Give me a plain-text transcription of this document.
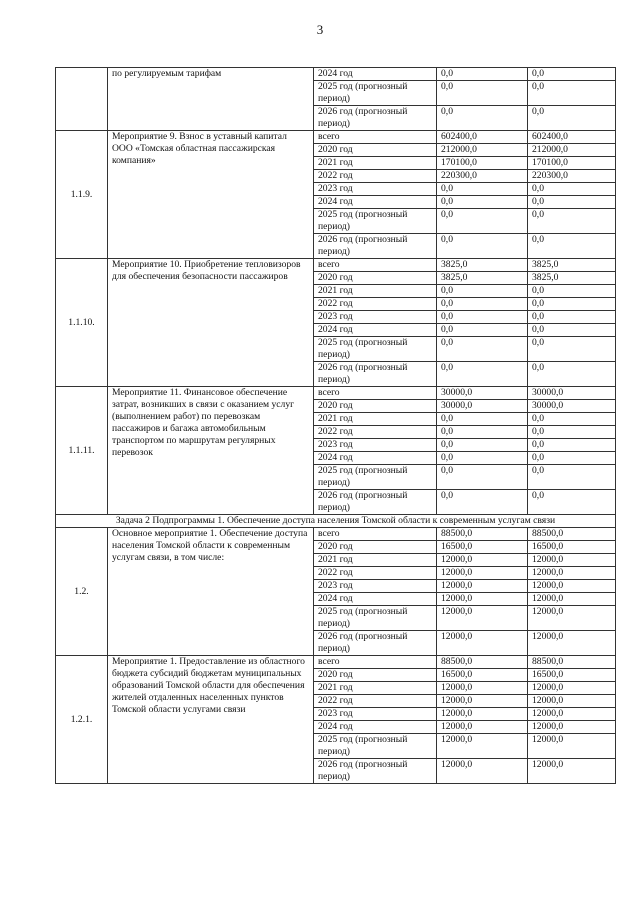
3
	по регулируемым тарифам	2024 год	0,0	0,0
		2025 год (прогнозный период)	0,0	0,0
		2026 год (прогнозный период)	0,0	0,0
1.1.9.	Мероприятие 9. Взнос в уставный капитал ООО «Томская областная пассажирская компания»	всего	602400,0	602400,0
		2020 год	212000,0	212000,0
		2021 год	170100,0	170100,0
		2022 год	220300,0	220300,0
		2023 год	0,0	0,0
		2024 год	0,0	0,0
		2025 год (прогнозный период)	0,0	0,0
		2026 год (прогнозный период)	0,0	0,0
1.1.10.	Мероприятие 10. Приобретение тепловизоров для обеспечения безопасности пассажиров	всего	3825,0	3825,0
		2020 год	3825,0	3825,0
		2021 год	0,0	0,0
		2022 год	0,0	0,0
		2023 год	0,0	0,0
		2024 год	0,0	0,0
		2025 год (прогнозный период)	0,0	0,0
		2026 год (прогнозный период)	0,0	0,0
1.1.11.	Мероприятие 11. Финансовое обеспечение затрат, возникших в связи с оказанием услуг (выполнением работ) по перевозкам пассажиров и багажа автомобильным транспортом по маршрутам регулярных перевозок	всего	30000,0	30000,0
		2020 год	30000,0	30000,0
		2021 год	0,0	0,0
		2022 год	0,0	0,0
		2023 год	0,0	0,0
		2024 год	0,0	0,0
		2025 год (прогнозный период)	0,0	0,0
		2026 год (прогнозный период)	0,0	0,0
Задача 2 Подпрограммы 1. Обеспечение доступа населения Томской области к современным услугам связи				
1.2.	Основное мероприятие 1. Обеспечение доступа населения Томской области к современным услугам связи, в том числе:	всего	88500,0	88500,0
		2020 год	16500,0	16500,0
		2021 год	12000,0	12000,0
		2022 год	12000,0	12000,0
		2023 год	12000,0	12000,0
		2024 год	12000,0	12000,0
		2025 год (прогнозный период)	12000,0	12000,0
		2026 год (прогнозный период)	12000,0	12000,0
1.2.1.	Мероприятие 1. Предоставление из областного бюджета субсидий бюджетам муниципальных образований Томской области для обеспечения жителей отдаленных населенных пунктов Томской области услугами связи	всего	88500,0	88500,0
		2020 год	16500,0	16500,0
		2021 год	12000,0	12000,0
		2022 год	12000,0	12000,0
		2023 год	12000,0	12000,0
		2024 год	12000,0	12000,0
		2025 год (прогнозный период)	12000,0	12000,0
		2026 год (прогнозный период)	12000,0	12000,0
